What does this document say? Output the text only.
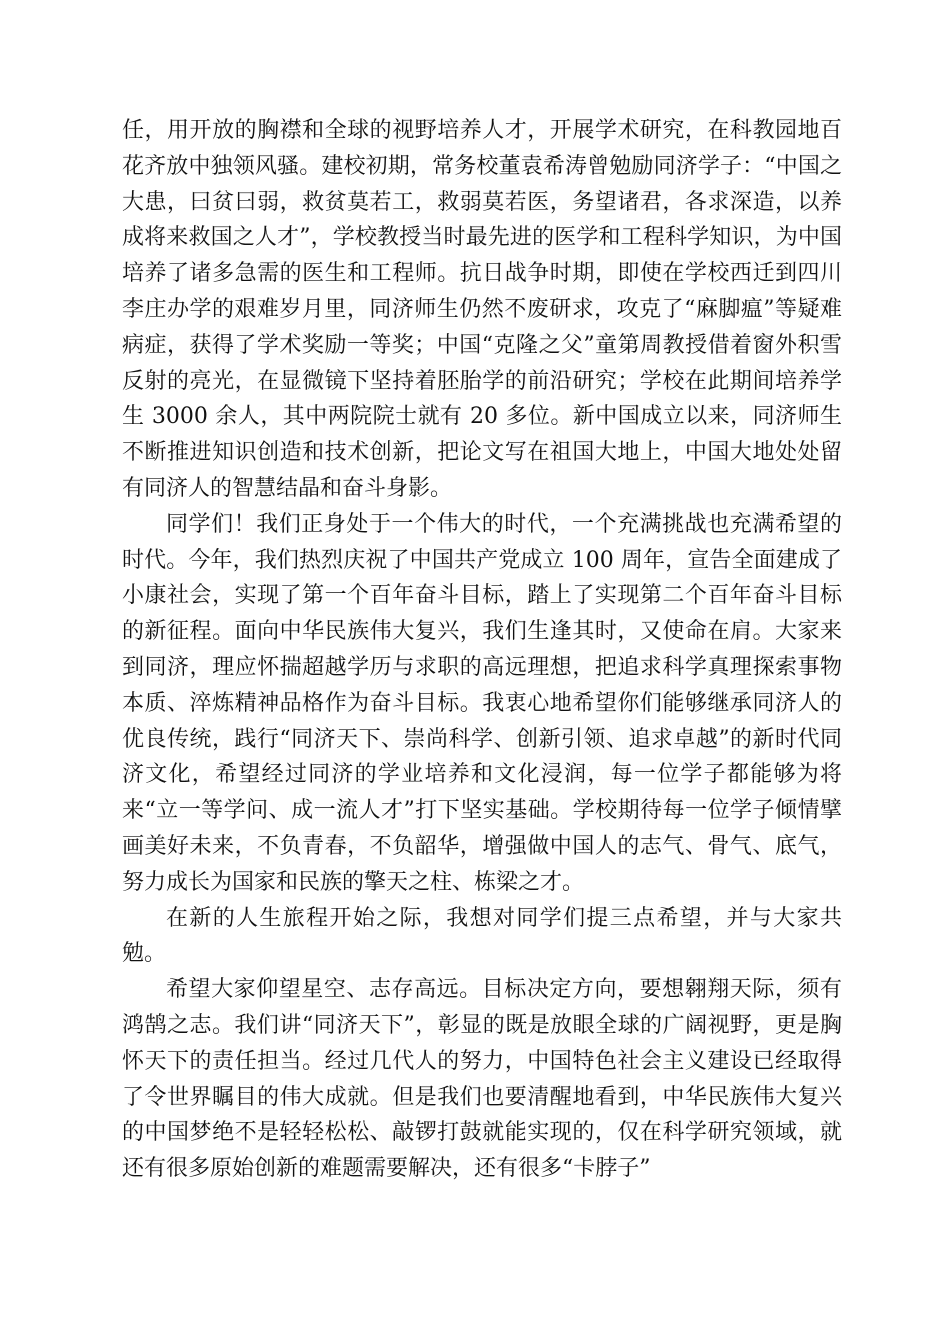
任，用开放的胸襟和全球的视野培养人才，开展学术研究，在科教园地百花齐放中独领风骚。建校初期，常务校董袁希涛曾勉励同济学子：“中国之大患，曰贫曰弱，救贫莫若工，救弱莫若医，务望诸君，各求深造，以养成将来救国之人才”，学校教授当时最先进的医学和工程科学知识，为中国培养了诸多急需的医生和工程师。抗日战争时期，即使在学校西迁到四川李庄办学的艰难岁月里，同济师生仍然不废研求，攻克了“麻脚瘟”等疑难病症，获得了学术奖励一等奖；中国“克隆之父”童第周教授借着窗外积雪反射的亮光，在显微镜下坚持着胚胎学的前沿研究；学校在此期间培养学生 3000 余人，其中两院院士就有 20 多位。新中国成立以来，同济师生不断推进知识创造和技术创新，把论文写在祖国大地上，中国大地处处留有同济人的智慧结晶和奋斗身影。

同学们！我们正身处于一个伟大的时代，一个充满挑战也充满希望的时代。今年，我们热烈庆祝了中国共产党成立 100 周年，宣告全面建成了小康社会，实现了第一个百年奋斗目标，踏上了实现第二个百年奋斗目标的新征程。面向中华民族伟大复兴，我们生逢其时，又使命在肩。大家来到同济，理应怀揣超越学历与求职的高远理想，把追求科学真理探索事物本质、淬炼精神品格作为奋斗目标。我衷心地希望你们能够继承同济人的优良传统，践行“同济天下、崇尚科学、创新引领、追求卓越”的新时代同济文化，希望经过同济的学业培养和文化浸润，每一位学子都能够为将来“立一等学问、成一流人才”打下坚实基础。学校期待每一位学子倾情擘画美好未来，不负青春，不负韶华，增强做中国人的志气、骨气、底气，努力成长为国家和民族的擎天之柱、栋梁之才。

在新的人生旅程开始之际，我想对同学们提三点希望，并与大家共勉。

希望大家仰望星空、志存高远。目标决定方向，要想翱翔天际，须有鸿鹄之志。我们讲“同济天下”，彰显的既是放眼全球的广阔视野，更是胸怀天下的责任担当。经过几代人的努力，中国特色社会主义建设已经取得了令世界瞩目的伟大成就。但是我们也要清醒地看到，中华民族伟大复兴的中国梦绝不是轻轻松松、敲锣打鼓就能实现的，仅在科学研究领域，就还有很多原始创新的难题需要解决，还有很多“卡脖子”
